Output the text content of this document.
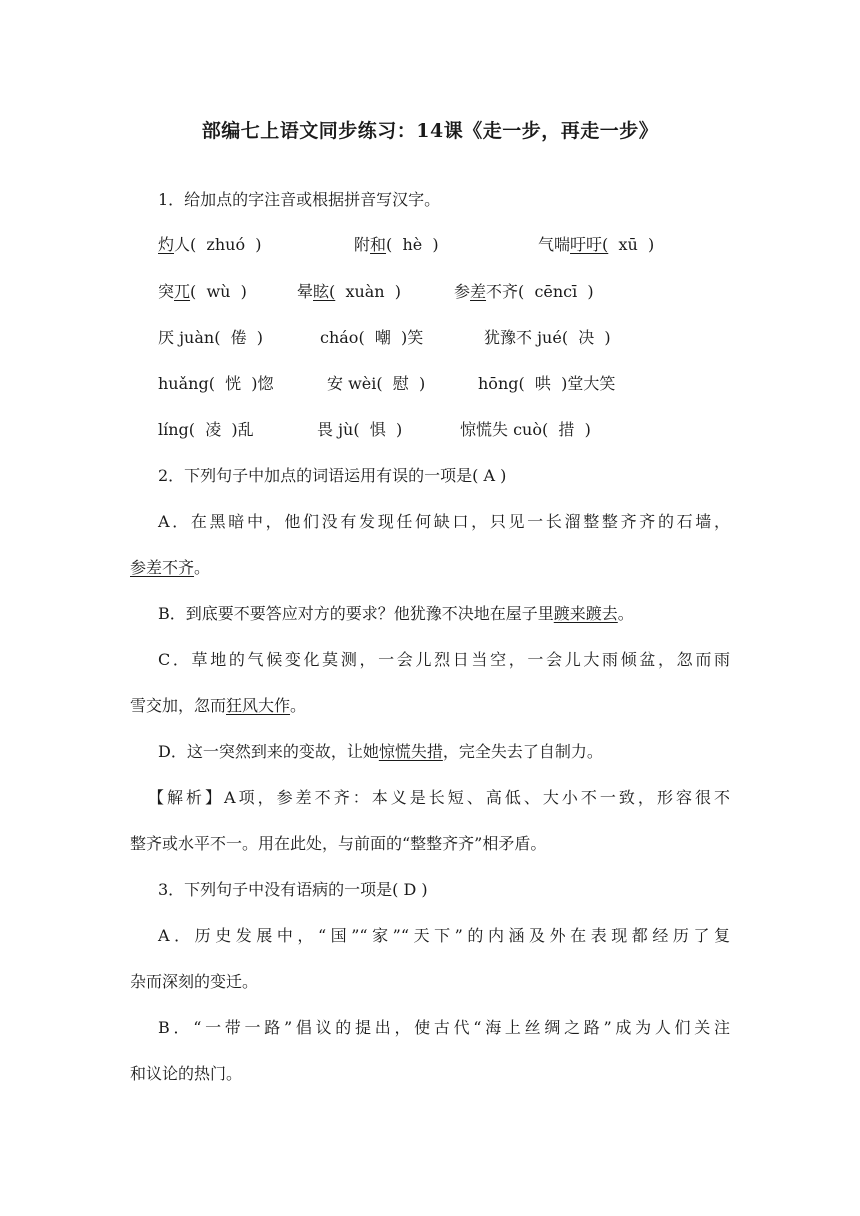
部编七上语文同步练习：14课《走一步，再走一步》
1．给加点的字注音或根据拼音写汉字。
灼人(  zhuó  )	附和(  hè  )	气喘吁吁(  xū  )
突兀(  wù  )	晕眩(  xuàn  )	参差不齐(  cēncī  )
厌 juàn(  倦  )	cháo(  嘲  )笑	犹豫不 jué(  决  )
huǎng(  恍  )惚	安 wèi(  慰  )	hōng(  哄  )堂大笑
líng(  凌  )乱	畏 jù(  惧  )	惊慌失 cuò(  措  )
2．下列句子中加点的词语运用有误的一项是( A )
A．在黑暗中，他们没有发现任何缺口，只见一长溜整整齐齐的石墙，
参差不齐。
B．到底要不要答应对方的要求？他犹豫不决地在屋子里踱来踱去。
C．草地的气候变化莫测，一会儿烈日当空，一会儿大雨倾盆，忽而雨
雪交加，忽而狂风大作。
D．这一突然到来的变故，让她惊慌失措，完全失去了自制力。
【解析】A项，参差不齐：本义是长短、高低、大小不一致，形容很不
整齐或水平不一。用在此处，与前面的“整整齐齐”相矛盾。
3．下列句子中没有语病的一项是( D )
A．历史发展中，“国”“家”“天下”的内涵及外在表现都经历了复
杂而深刻的变迁。
B．“一带一路”倡议的提出，使古代“海上丝绸之路”成为人们关注
和议论的热门。
